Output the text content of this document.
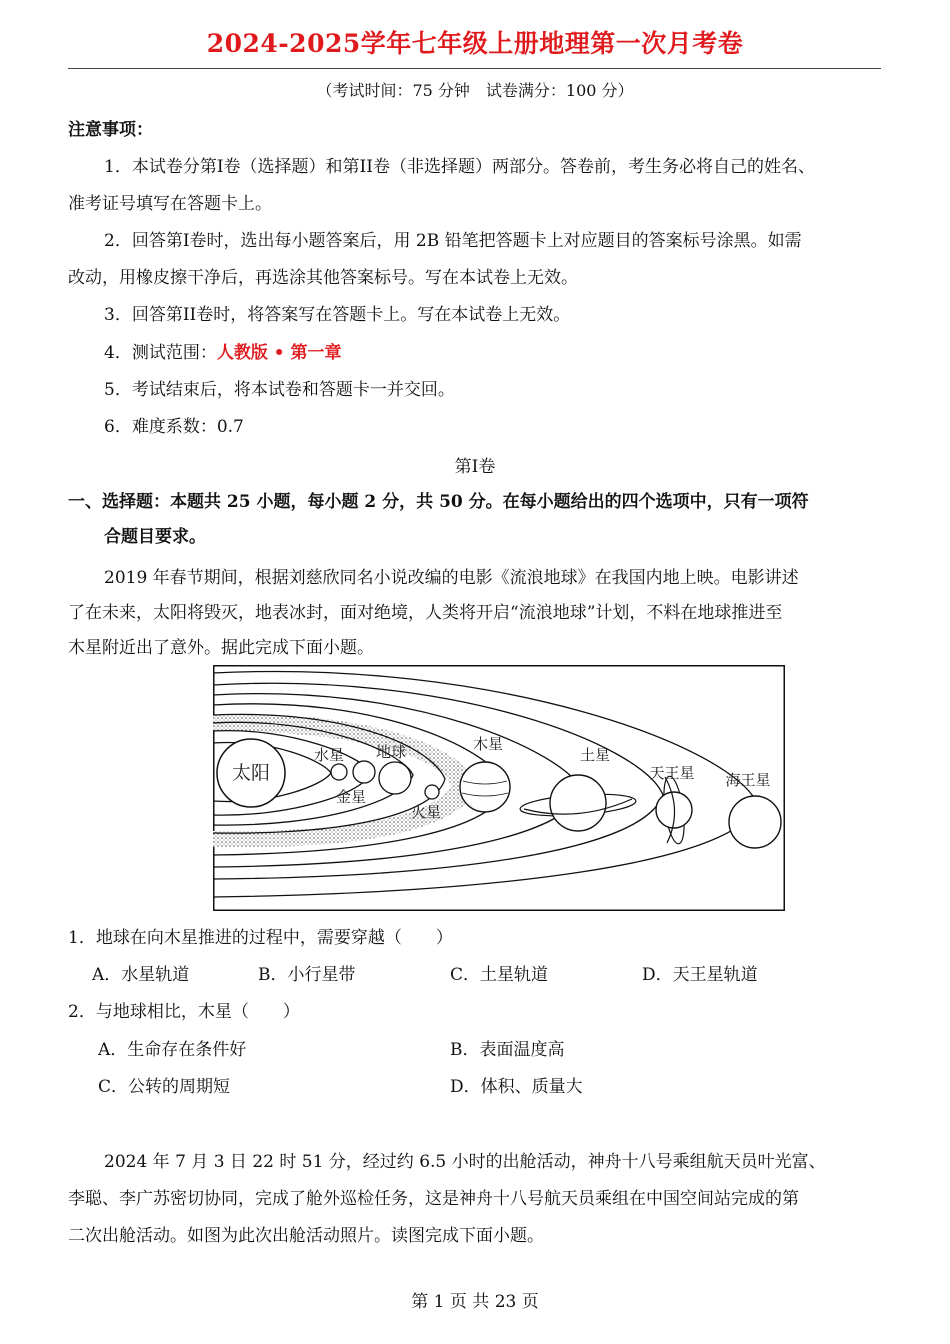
2024-2025学年七年级上册地理第一次月考卷
（考试时间：75 分钟　试卷满分：100 分）
注意事项：
1．本试卷分第I卷（选择题）和第II卷（非选择题）两部分。答卷前，考生务必将自己的姓名、
准考证号填写在答题卡上。
2．回答第I卷时，选出每小题答案后，用 2B 铅笔把答题卡上对应题目的答案标号涂黑。如需
改动，用橡皮擦干净后，再选涂其他答案标号。写在本试卷上无效。
3．回答第II卷时，将答案写在答题卡上。写在本试卷上无效。
4．测试范围：人教版 • 第一章
5．考试结束后，将本试卷和答题卡一并交回。
6．难度系数：0.7
第I卷
一、选择题：本题共 25 小题，每小题 2 分，共 50 分。在每小题给出的四个选项中，只有一项符
合题目要求。
2019 年春节期间，根据刘慈欣同名小说改编的电影《流浪地球》在我国内地上映。电影讲述
了在未来，太阳将毁灭，地表冰封，面对绝境，人类将开启“流浪地球”计划，不料在地球推进至
木星附近出了意外。据此完成下面小题。
太阳
水星
金星
地球
火星
木星
土星
天王星 海王星
1．地球在向木星推进的过程中，需要穿越（　　）
A．水星轨道	B．小行星带	C．土星轨道	D．天王星轨道
2．与地球相比，木星（　　）
A．生命存在条件好	B．表面温度高
C．公转的周期短	D．体积、质量大
2024 年 7 月 3 日 22 时 51 分，经过约 6.5 小时的出舱活动，神舟十八号乘组航天员叶光富、
李聪、李广苏密切协同，完成了舱外巡检任务，这是神舟十八号航天员乘组在中国空间站完成的第
二次出舱活动。如图为此次出舱活动照片。读图完成下面小题。
第 1 页 共 23 页
